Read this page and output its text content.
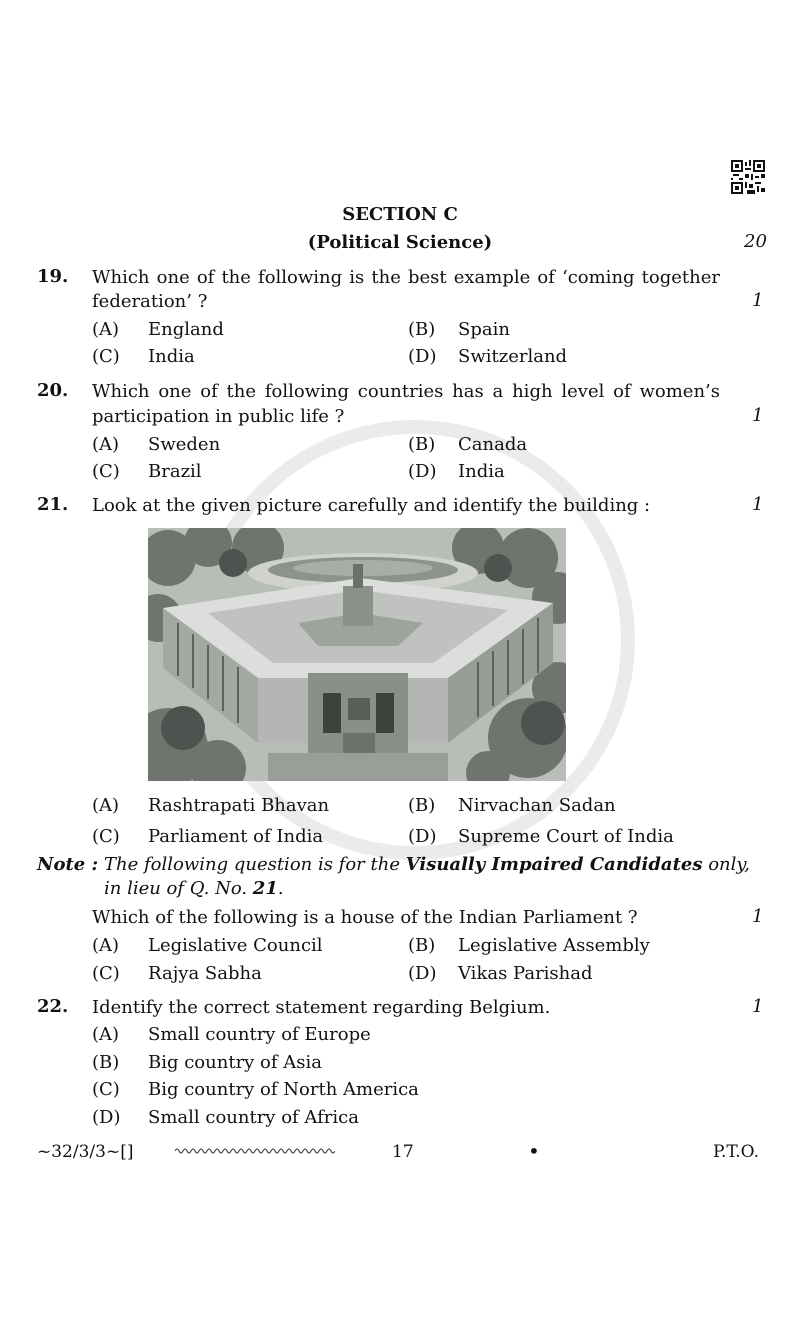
SECTION C
(Political Science)	20
19. Which one of the following is the best example of ‘coming together
federation’ ?	1
(A) England	(B) Spain
(C) India	(D) Switzerland
20. Which one of the following countries has a high level of women’s
participation in public life ?	1
(A) Sweden	(B) Canada
(C) Brazil	(D) India
21. Look at the given picture carefully and identify the building :	1
(A) Rashtrapati Bhavan	(B) Nirvachan Sadan
(C) Parliament of India	(D) Supreme Court of India
Note : The following question is for the Visually Impaired Candidates only,
in lieu of Q. No. 21.
Which of the following is a house of the Indian Parliament ?	1
(A) Legislative Council	(B) Legislative Assembly
(C) Rajya Sabha	(D) Vikas Parishad
22. Identify the correct statement regarding Belgium.	1
(A) Small country of Europe
(B) Big country of Asia
(C) Big country of North America
(D) Small country of Africa
~32/3/3~[]	17	•	P.T.O.
